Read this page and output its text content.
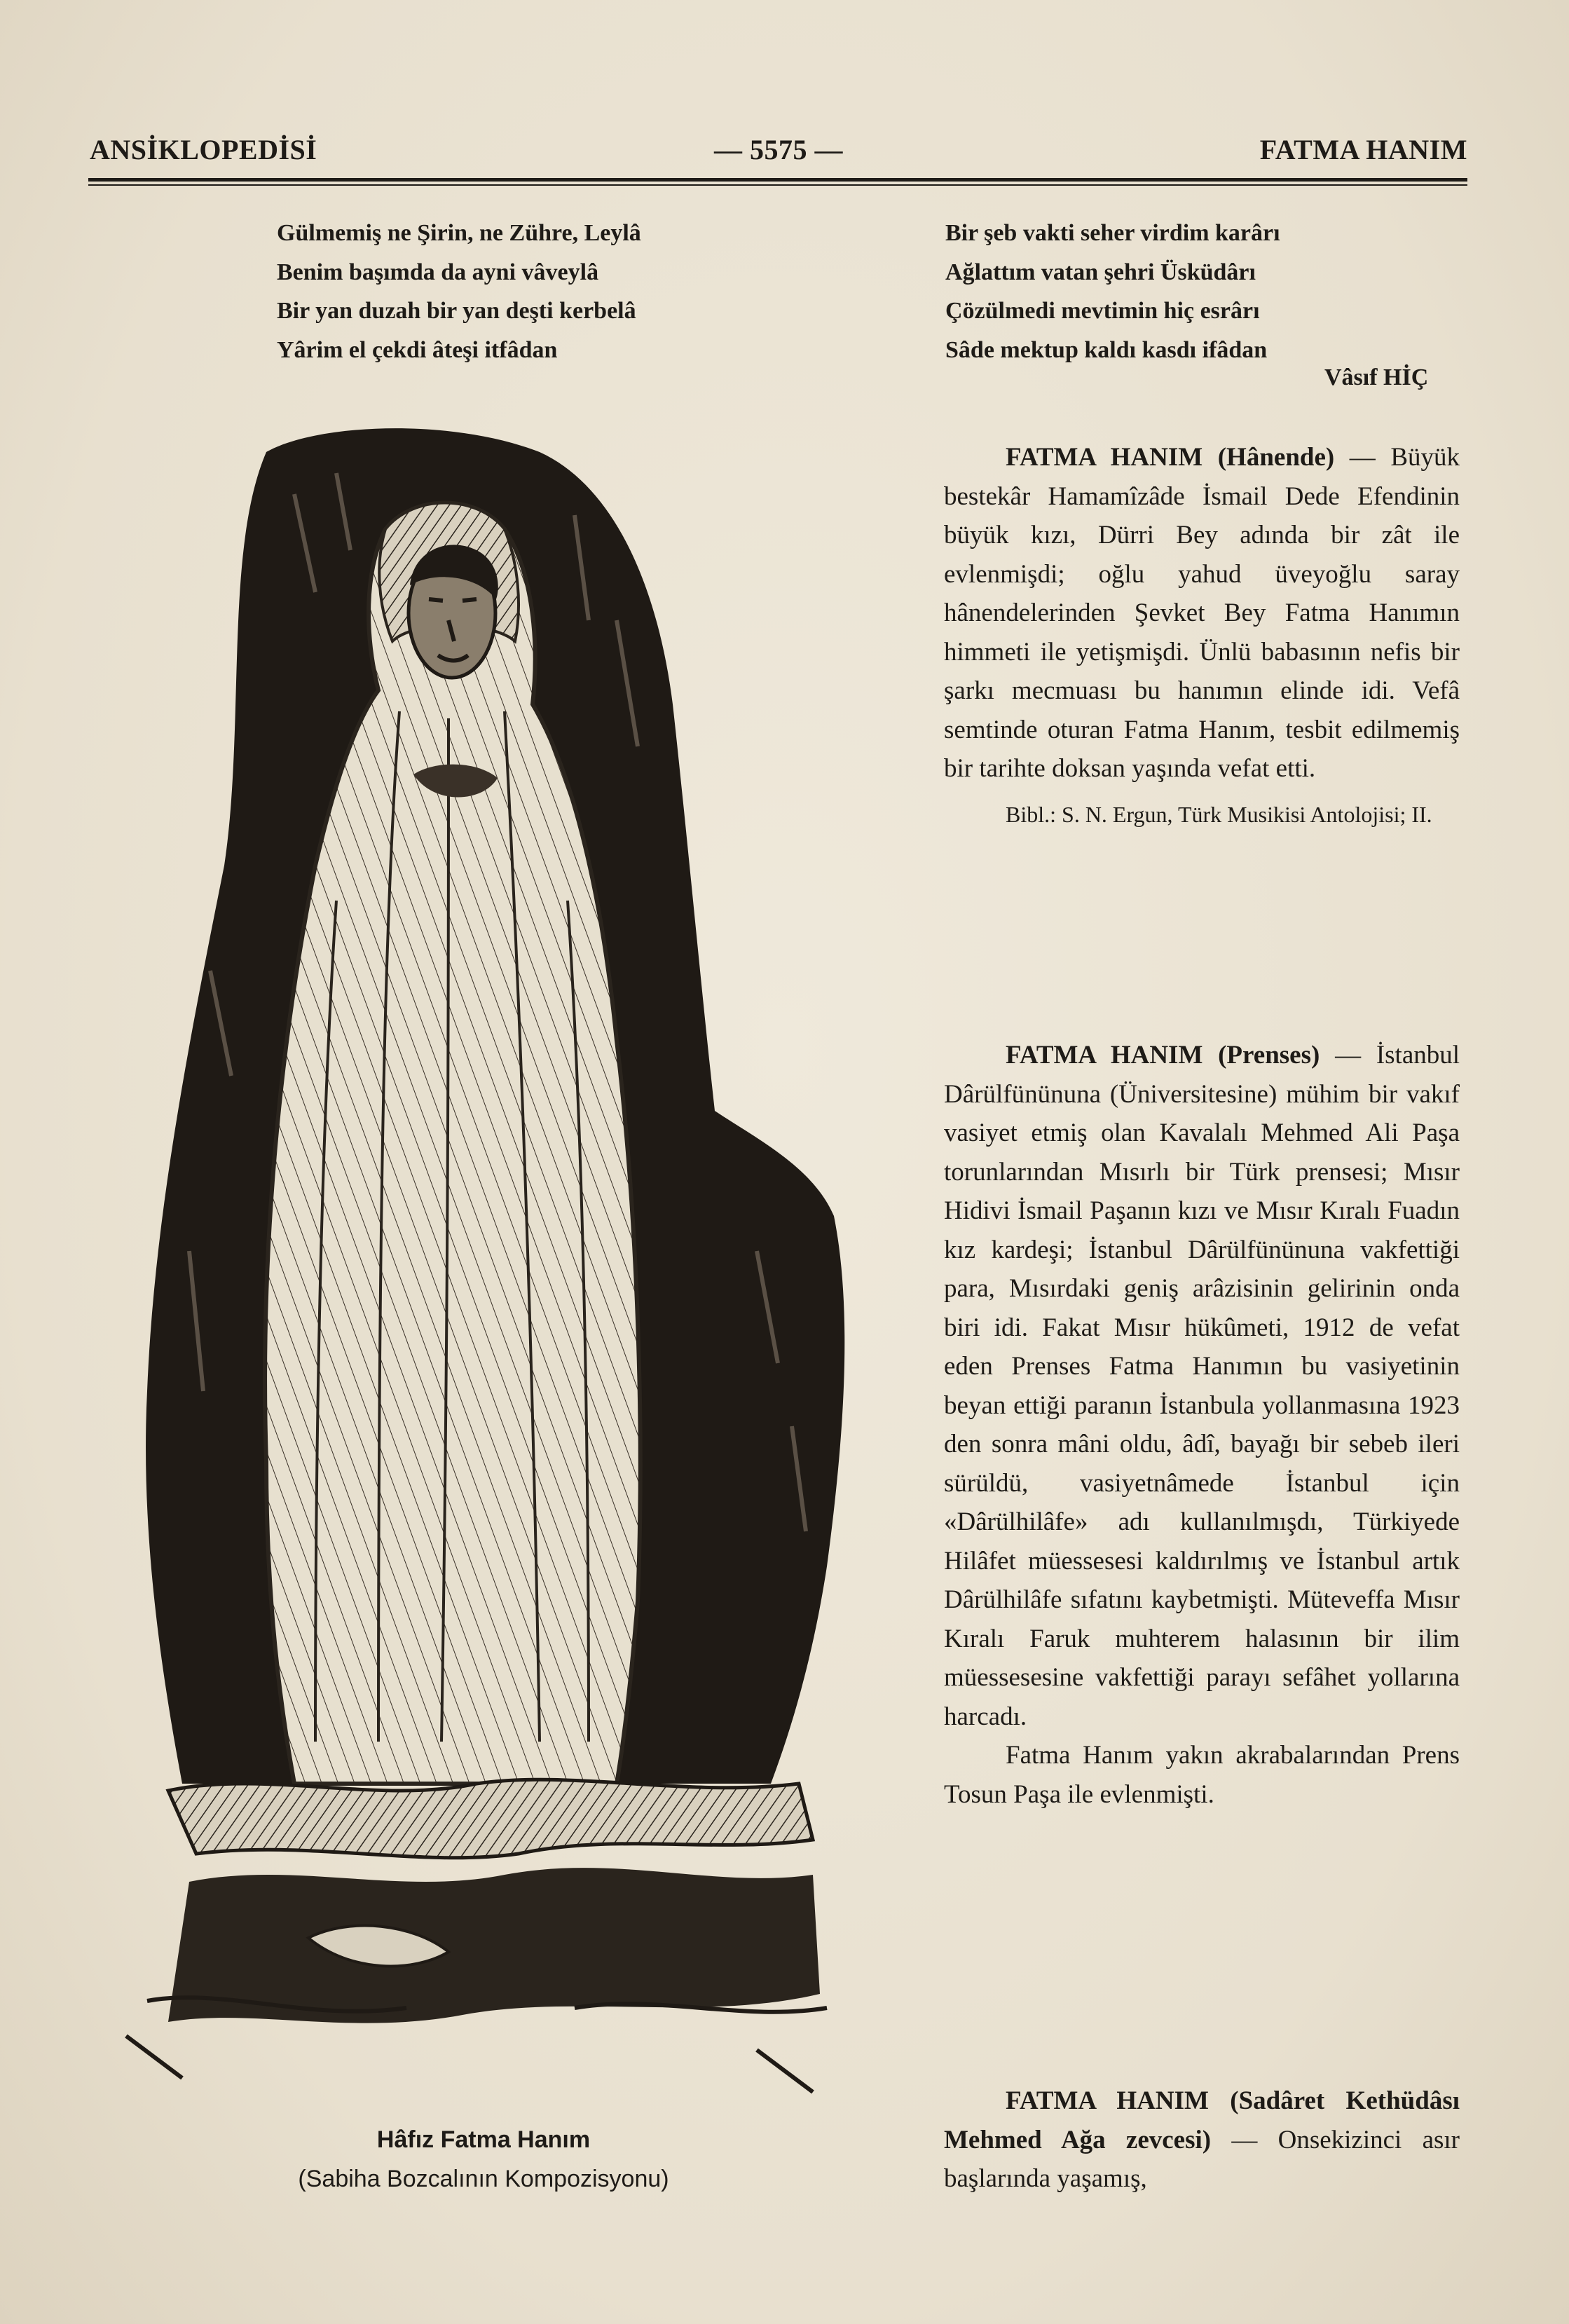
ANSİKLOPEDİSİ	— 5575 —	FATMA HANIM
Gülmemiş ne Şirin, ne Zühre, Leylâ
Benim başımda da ayni vâveylâ
Bir yan duzah bir yan deşti kerbelâ
Yârim el çekdi âteşi itfâdan
Bir şeb vakti seher virdim karârı
Ağlattım vatan şehri Üsküdârı
Çözülmedi mevtimin hiç esrârı
Sâde mektup kaldı kasdı ifâdan
Vâsıf HİÇ
Hâfız Fatma Hanım
(Sabiha Bozcalının Kompozisyonu)

FATMA HANIM (Hânende) — Büyük bestekâr Hamamîzâde İsmail Dede Efendinin büyük kızı, Dürri Bey adında bir zât ile evlenmişdi; oğlu yahud üveyoğlu saray hânendelerinden Şevket Bey Fatma Hanımın himmeti ile yetişmişdi. Ünlü babasının nefis bir şarkı mecmuası bu hanımın elinde idi. Vefâ semtinde oturan Fatma Hanım, tesbit edilmemiş bir tarihte doksan yaşında vefat etti.

Bibl.: S. N. Ergun, Türk Musikisi Antolojisi; II.

FATMA HANIM (Prenses) — İstanbul Dârülfününuna (Üniversitesine) mühim bir vakıf vasiyet etmiş olan Kavalalı Mehmed Ali Paşa torunlarından Mısırlı bir Türk prensesi; Mısır Hidivi İsmail Paşanın kızı ve Mısır Kıralı Fuadın kız kardeşi; İstanbul Dârülfününuna vakfettiği para, Mısırdaki geniş arâzisinin gelirinin onda biri idi. Fakat Mısır hükûmeti, 1912 de vefat eden Prenses Fatma Hanımın bu vasiyetinin beyan ettiği paranın İstanbula yollanmasına 1923 den sonra mâni oldu, âdî, bayağı bir sebeb ileri sürüldü, vasiyetnâmede İstanbul için «Dârülhilâfe» adı kullanılmışdı, Türkiyede Hilâfet müessesesi kaldırılmış ve İstanbul artık Dârülhilâfe sıfatını kaybetmişti. Müteveffa Mısır Kıralı Faruk muhterem halasının bir ilim müessesesine vakfettiği parayı sefâhet yollarına harcadı.

Fatma Hanım yakın akrabalarından Prens Tosun Paşa ile evlenmişti.

FATMA HANIM (Sadâret Kethüdâsı Mehmed Ağa zevcesi) — Onsekizinci asır başlarında yaşamış,
